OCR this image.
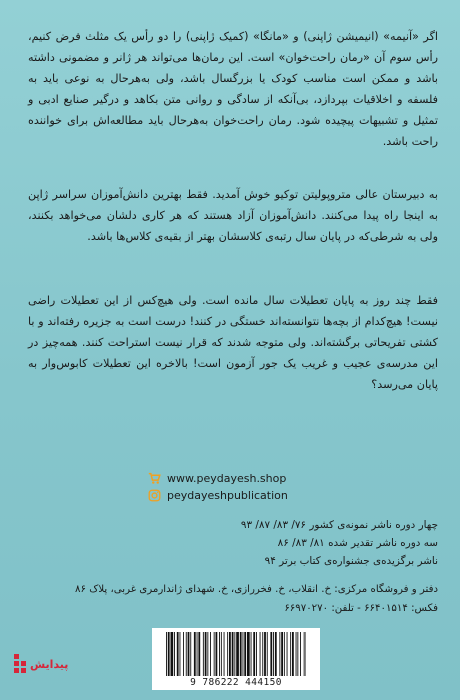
اگر «آنیمه» (انیمیشن ژاپنی) و «مانگا» (کمیک ژاپنی) را دو رأس یک مثلث فرض کنیم، رأس سوم آن «رمان راحت‌خوان» است. این رمان‌ها می‌تواند هر ژانر و مضمونی داشته باشد و ممکن است مناسب کودک یا بزرگسال باشد، ولی به‌هرحال به نوعی باید به فلسفه و اخلاقیات بپردازد، بی‌آنکه از سادگی و روانی متن بکاهد و درگیر صنایع ادبی و تمثیل و تشبیهات پیچیده شود. رمان راحت‌خوان به‌هرحال باید مطالعه‌اش برای خواننده راحت باشد.

به دبیرستان عالی متروپولیتن توکیو خوش آمدید. فقط بهترین دانش‌آموزان سراسر ژاپن به اینجا راه پیدا می‌کنند. دانش‌آموزان آزاد هستند که هر کاری دلشان می‌خواهد بکنند، ولی به شرطی‌که در پایان سال رتبه‌ی کلاسشان بهتر از بقیه‌ی کلاس‌ها باشد.

فقط چند روز به پایان تعطیلات سال مانده است. ولی هیچ‌کس از این تعطیلات راضی نیست! هیچ‌کدام از بچه‌ها نتوانسته‌اند خستگی در کنند! درست است به جزیره رفته‌اند و با کشتی تفریحاتی برگشته‌اند. ولی متوجه شدند که قرار نیست استراحت کنند. همه‌چیز در این مدرسه‌ی عجیب و غریب یک جور آزمون است! بالاخره این تعطیلات کابوس‌وار به پایان می‌رسد؟

www.peydayesh.shop
peydayeshpublication
چهار دوره ناشر نمونه‌ی کشور ۷۶/ ۸۳/ ۸۷/ ۹۳
سه دوره ناشر تقدیر شده ۸۱/ ۸۳/ ۸۶
ناشر برگزیده‌ی جشنواره‌ی کتاب برتر ۹۴
دفتر و فروشگاه مرکزی: خ. انقلاب، خ. فخررازی، خ. شهدای ژاندارمری غربی، پلاک ۸۶
فکس: ۶۶۴۰۱۵۱۴ - تلفن: ۶۶۹۷۰۲۷۰
9 786222 444150
پیدایش
